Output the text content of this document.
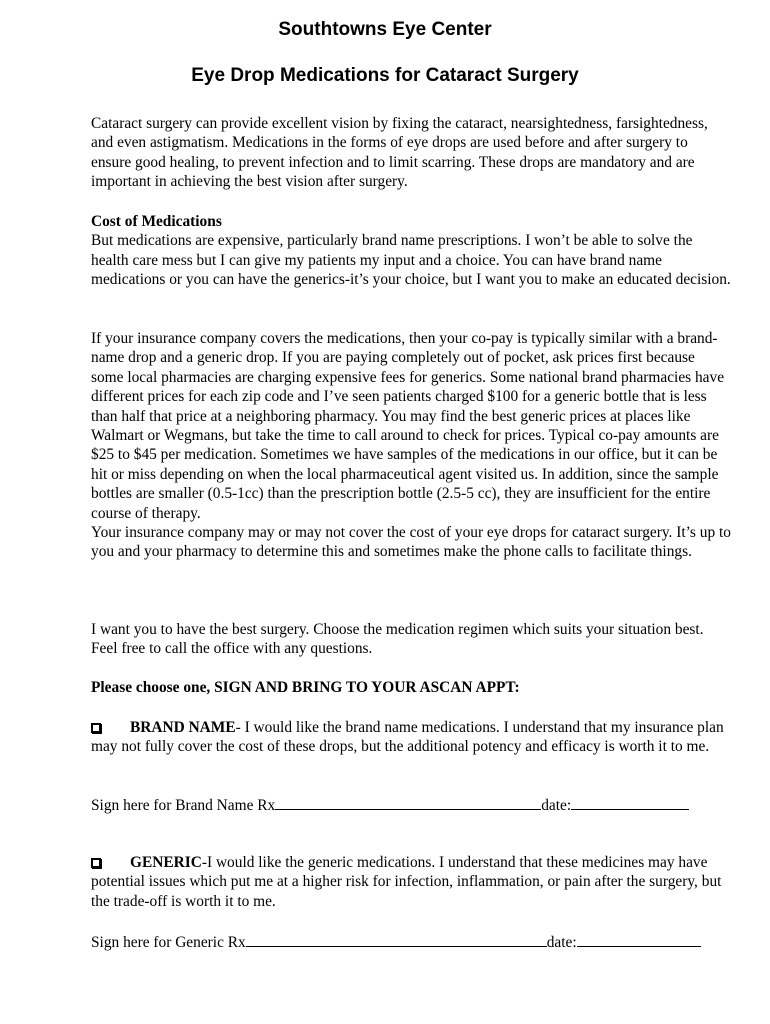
Southtowns Eye Center
Eye Drop Medications for Cataract Surgery

Cataract surgery can provide excellent vision by fixing the cataract, nearsightedness, farsightedness, and even astigmatism. Medications in the forms of eye drops are used before and after surgery to ensure good healing, to prevent infection and to limit scarring. These drops are mandatory and are important in achieving the best vision after surgery.

Cost of Medications

But medications are expensive, particularly brand name prescriptions. I won’t be able to solve the health care mess but I can give my patients my input and a choice. You can have brand name medications or you can have the generics-it’s your choice, but I want you to make an educated decision.

If your insurance company covers the medications, then your co-pay is typically similar with a brand-name drop and a generic drop. If you are paying completely out of pocket, ask prices first because some local pharmacies are charging expensive fees for generics. Some national brand pharmacies have different prices for each zip code and I’ve seen patients charged $100 for a generic bottle that is less than half that price at a neighboring pharmacy. You may find the best generic prices at places like Walmart or Wegmans, but take the time to call around to check for prices. Typical co-pay amounts are $25 to $45 per medication. Sometimes we have samples of the medications in our office, but it can be hit or miss depending on when the local pharmaceutical agent visited us. In addition, since the sample bottles are smaller (0.5-1cc) than the prescription bottle (2.5-5 cc), they are insufficient for the entire course of therapy.

Your insurance company may or may not cover the cost of your eye drops for cataract surgery. It’s up to you and your pharmacy to determine this and sometimes make the phone calls to facilitate things.

I want you to have the best surgery. Choose the medication regimen which suits your situation best. Feel free to call the office with any questions.

Please choose one, SIGN AND BRING TO YOUR ASCAN APPT:

BRAND NAME- I would like the brand name medications. I understand that my insurance plan may not fully cover the cost of these drops, but the additional potency and efficacy is worth it to me.

Sign here for Brand Name Rx	date:

GENERIC-I would like the generic medications. I understand that these medicines may have potential issues which put me at a higher risk for infection, inflammation, or pain after the surgery, but the trade-off is worth it to me.

Sign here for Generic Rx	date:
